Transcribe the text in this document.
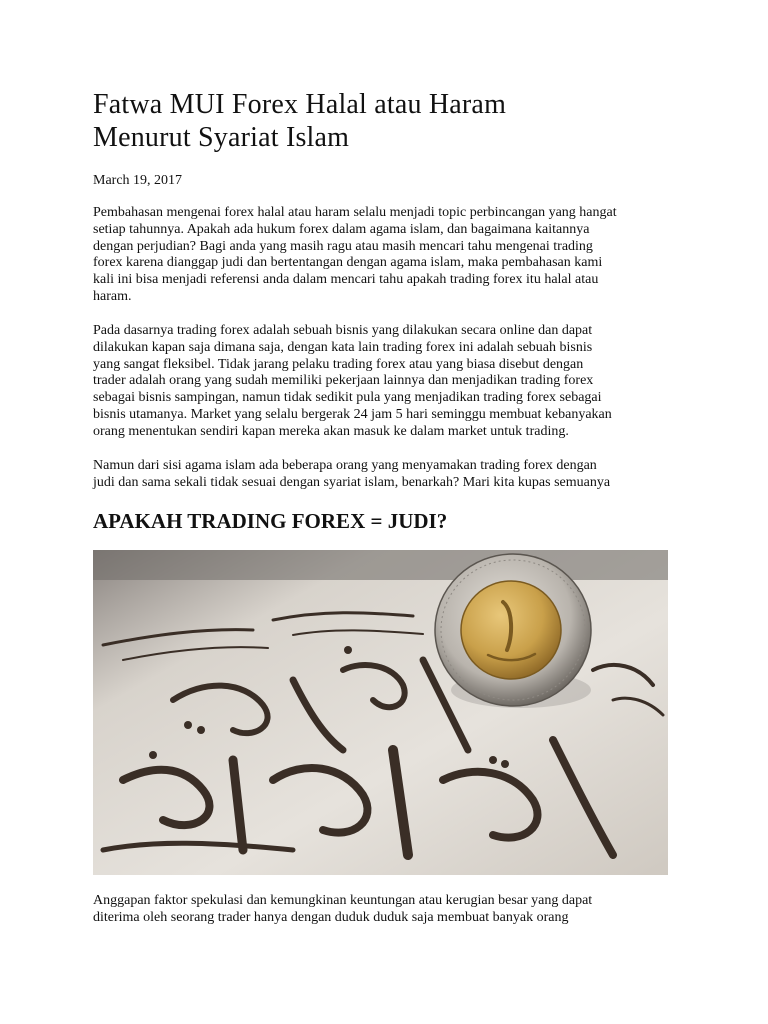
Fatwa MUI Forex Halal atau Haram
Menurut Syariat Islam

March 19, 2017

Pembahasan mengenai forex halal atau haram selalu menjadi topic perbincangan yang hangat
setiap tahunnya. Apakah ada hukum forex dalam agama islam, dan bagaimana kaitannya
dengan perjudian? Bagi anda yang masih ragu atau masih mencari tahu mengenai trading
forex karena dianggap judi dan bertentangan dengan agama islam, maka pembahasan kami
kali ini bisa menjadi referensi anda dalam mencari tahu apakah trading forex itu halal atau
haram.

Pada dasarnya trading forex adalah sebuah bisnis yang dilakukan secara online dan dapat
dilakukan kapan saja dimana saja, dengan kata lain trading forex ini adalah sebuah bisnis
yang sangat fleksibel. Tidak jarang pelaku trading forex atau yang biasa disebut dengan
trader adalah orang yang sudah memiliki pekerjaan lainnya dan menjadikan trading forex
sebagai bisnis sampingan, namun tidak sedikit pula yang menjadikan trading forex sebagai
bisnis utamanya. Market yang selalu bergerak 24 jam 5 hari seminggu membuat kebanyakan
orang menentukan sendiri kapan mereka akan masuk ke dalam market untuk trading.

Namun dari sisi agama islam ada beberapa orang yang menyamakan trading forex dengan
judi dan sama sekali tidak sesuai dengan syariat islam, benarkah? Mari kita kupas semuanya

APAKAH TRADING FOREX = JUDI?

Anggapan faktor spekulasi dan kemungkinan keuntungan atau kerugian besar yang dapat
diterima oleh seorang trader hanya dengan duduk duduk saja membuat banyak orang
